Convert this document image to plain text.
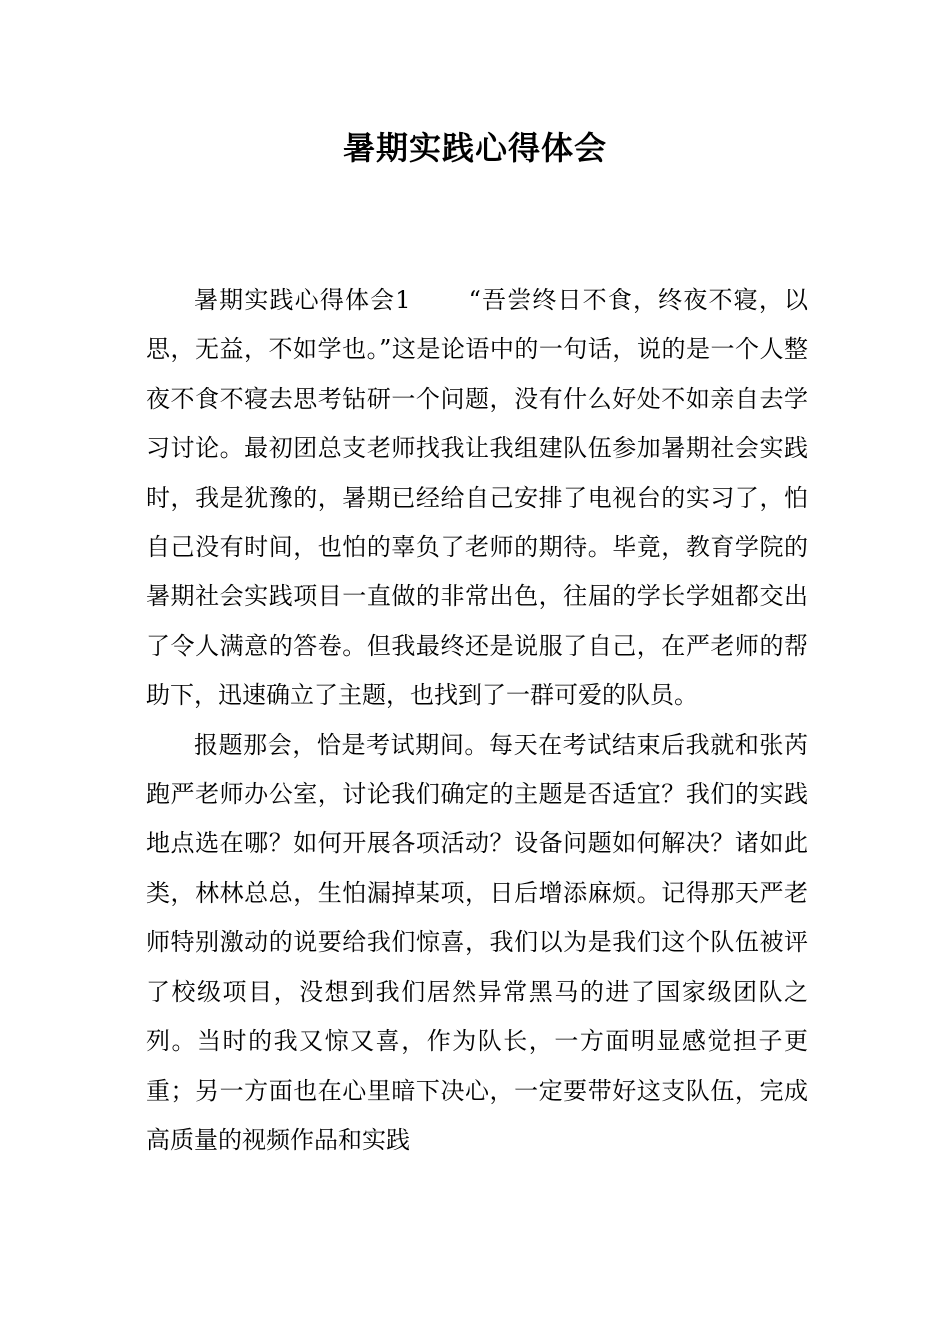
暑期实践心得体会

暑期实践心得体会1 “吾尝终日不食，终夜不寝，以思，无益，不如学也。”这是论语中的一句话，说的是一个人整夜不食不寝去思考钻研一个问题，没有什么好处不如亲自去学习讨论。最初团总支老师找我让我组建队伍参加暑期社会实践时，我是犹豫的，暑期已经给自己安排了电视台的实习了，怕自己没有时间，也怕的辜负了老师的期待。毕竟，教育学院的暑期社会实践项目一直做的非常出色，往届的学长学姐都交出了令人满意的答卷。但我最终还是说服了自己，在严老师的帮助下，迅速确立了主题，也找到了一群可爱的队员。

报题那会，恰是考试期间。每天在考试结束后我就和张芮跑严老师办公室，讨论我们确定的主题是否适宜？我们的实践地点选在哪？如何开展各项活动？设备问题如何解决？诸如此类，林林总总，生怕漏掉某项，日后增添麻烦。记得那天严老师特别激动的说要给我们惊喜，我们以为是我们这个队伍被评了校级项目，没想到我们居然异常黑马的进了国家级团队之列。当时的我又惊又喜，作为队长，一方面明显感觉担子更重；另一方面也在心里暗下决心，一定要带好这支队伍，完成高质量的视频作品和实践
